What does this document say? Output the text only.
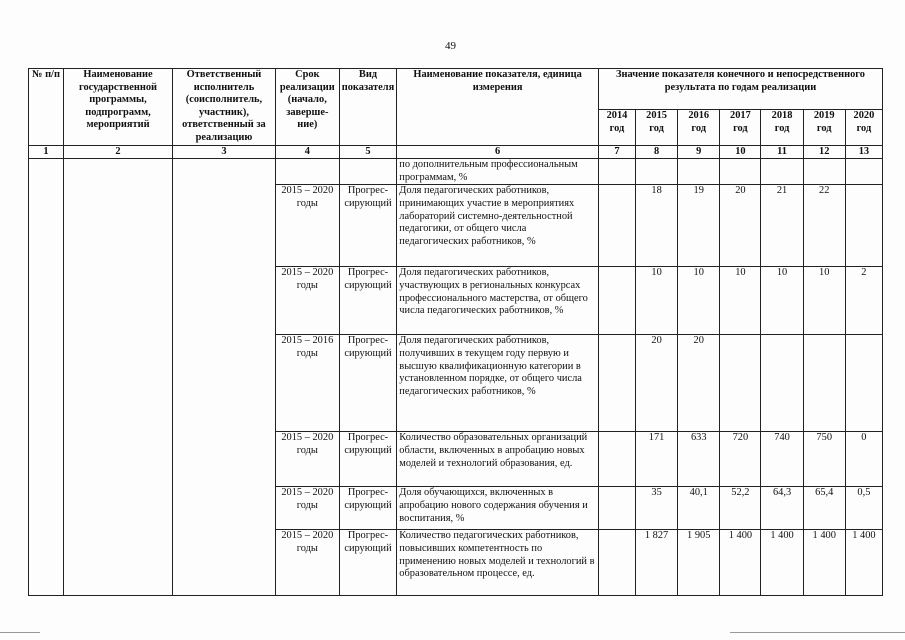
49
№ п/п	Наименование государственной программы, подпрограмм, мероприятий	Ответственный исполнитель (соисполнитель, участник), ответственный за реализацию	Срок реализации (начало, заверше-ние)	Вид показателя	Наименование показателя, единица измерения	Значение показателя конечного и непосредственного результата по годам реализации						
						2014 год	2015 год	2016 год	2017 год	2018 год	2019 год	2020 год
1	2	3	4	5	6	7	8	9	10	11	12	13
					по дополнительным профессиональным программам, %							
			2015 – 2020 годы	Прогрес-сирующий	Доля педагогических работников, принимающих участие в мероприятиях лабораторий системно-деятельностной педагогики, от общего числа педагогических работников, %		18	19	20	21	22	
			2015 – 2020 годы	Прогрес-сирующий	Доля педагогических работников, участвующих в региональных конкурсах профессионального мастерства, от общего числа педагогических работников, %		10	10	10	10	10	2
			2015 – 2016 годы	Прогрес-сирующий	Доля педагогических работников, получивших в текущем году первую и высшую квалификационную категории в установленном порядке, от общего числа педагогических работников, %		20	20				
			2015 – 2020 годы	Прогрес-сирующий	Количество образовательных организаций области, включенных в апробацию новых моделей и технологий образования, ед.		171	633	720	740	750	0
			2015 – 2020 годы	Прогрес-сирующий	Доля обучающихся, включенных в апробацию нового содержания обучения и воспитания, %		35	40,1	52,2	64,3	65,4	0,5
			2015 – 2020 годы	Прогрес-сирующий	Количество педагогических работников, повысивших компетентность по применению новых моделей и технологий в образовательном процессе, ед.		1 827	1 905	1 400	1 400	1 400	1 400
